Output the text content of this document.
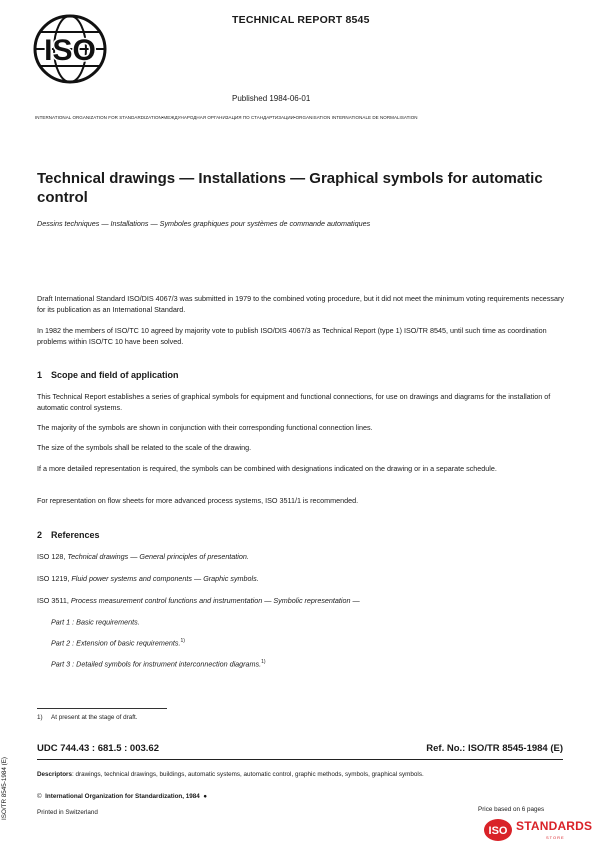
ISO
TECHNICAL REPORT 8545
Published 1984-06-01
INTERNATIONAL ORGANIZATION FOR STANDARDIZATION•МЕЖДУНАРОДНАЯ ОРГАНИЗАЦИЯ ПО СТАНДАРТИЗАЦИИ•ORGANISATION INTERNATIONALE DE NORMALISATION
Technical drawings — Installations — Graphical symbols for automatic control
Dessins techniques — Installations — Symboles graphiques pour systèmes de commande automatiques

Draft International Standard ISO/DIS 4067/3 was submitted in 1979 to the combined voting procedure, but it did not meet the minimum voting requirements necessary for its publication as an International Standard.

In 1982 the members of ISO/TC 10 agreed by majority vote to publish ISO/DIS 4067/3 as Technical Report (type 1) ISO/TR 8545, until such time as coordination problems within ISO/TC 10 have been solved.

1 Scope and field of application

This Technical Report establishes a series of graphical symbols for equipment and functional connections, for use on drawings and diagrams for the installation of automatic control systems.

The majority of the symbols are shown in conjunction with their corresponding functional connection lines.

The size of the symbols shall be related to the scale of the drawing.

If a more detailed representation is required, the symbols can be combined with designations indicated on the drawing or in a separate schedule.

For representation on flow sheets for more advanced process systems, ISO 3511/1 is recommended.

2 References
ISO 128, Technical drawings — General principles of presentation.
ISO 1219, Fluid power systems and components — Graphic symbols.
ISO 3511, Process measurement control functions and instrumentation — Symbolic representation —
Part 1 : Basic requirements.
Part 2 : Extension of basic requirements.$^{1)}$
Part 3 : Detailed symbols for instrument interconnection diagrams.$^{1)}$
1) At present at the stage of draft.
UDC 744.43 : 681.5 : 003.62	Ref. No.: ISO/TR 8545-1984 (E)
Descriptors: drawings, technical drawings, buildings, automatic systems, automatic control, graphic methods, symbols, graphical symbols.
© International Organization for Standardization, 1984 ●
Printed in Switzerland	Price based on 6 pages
ISO/TR 8545-1984 (E)
ISO STANDARDS
STORE
